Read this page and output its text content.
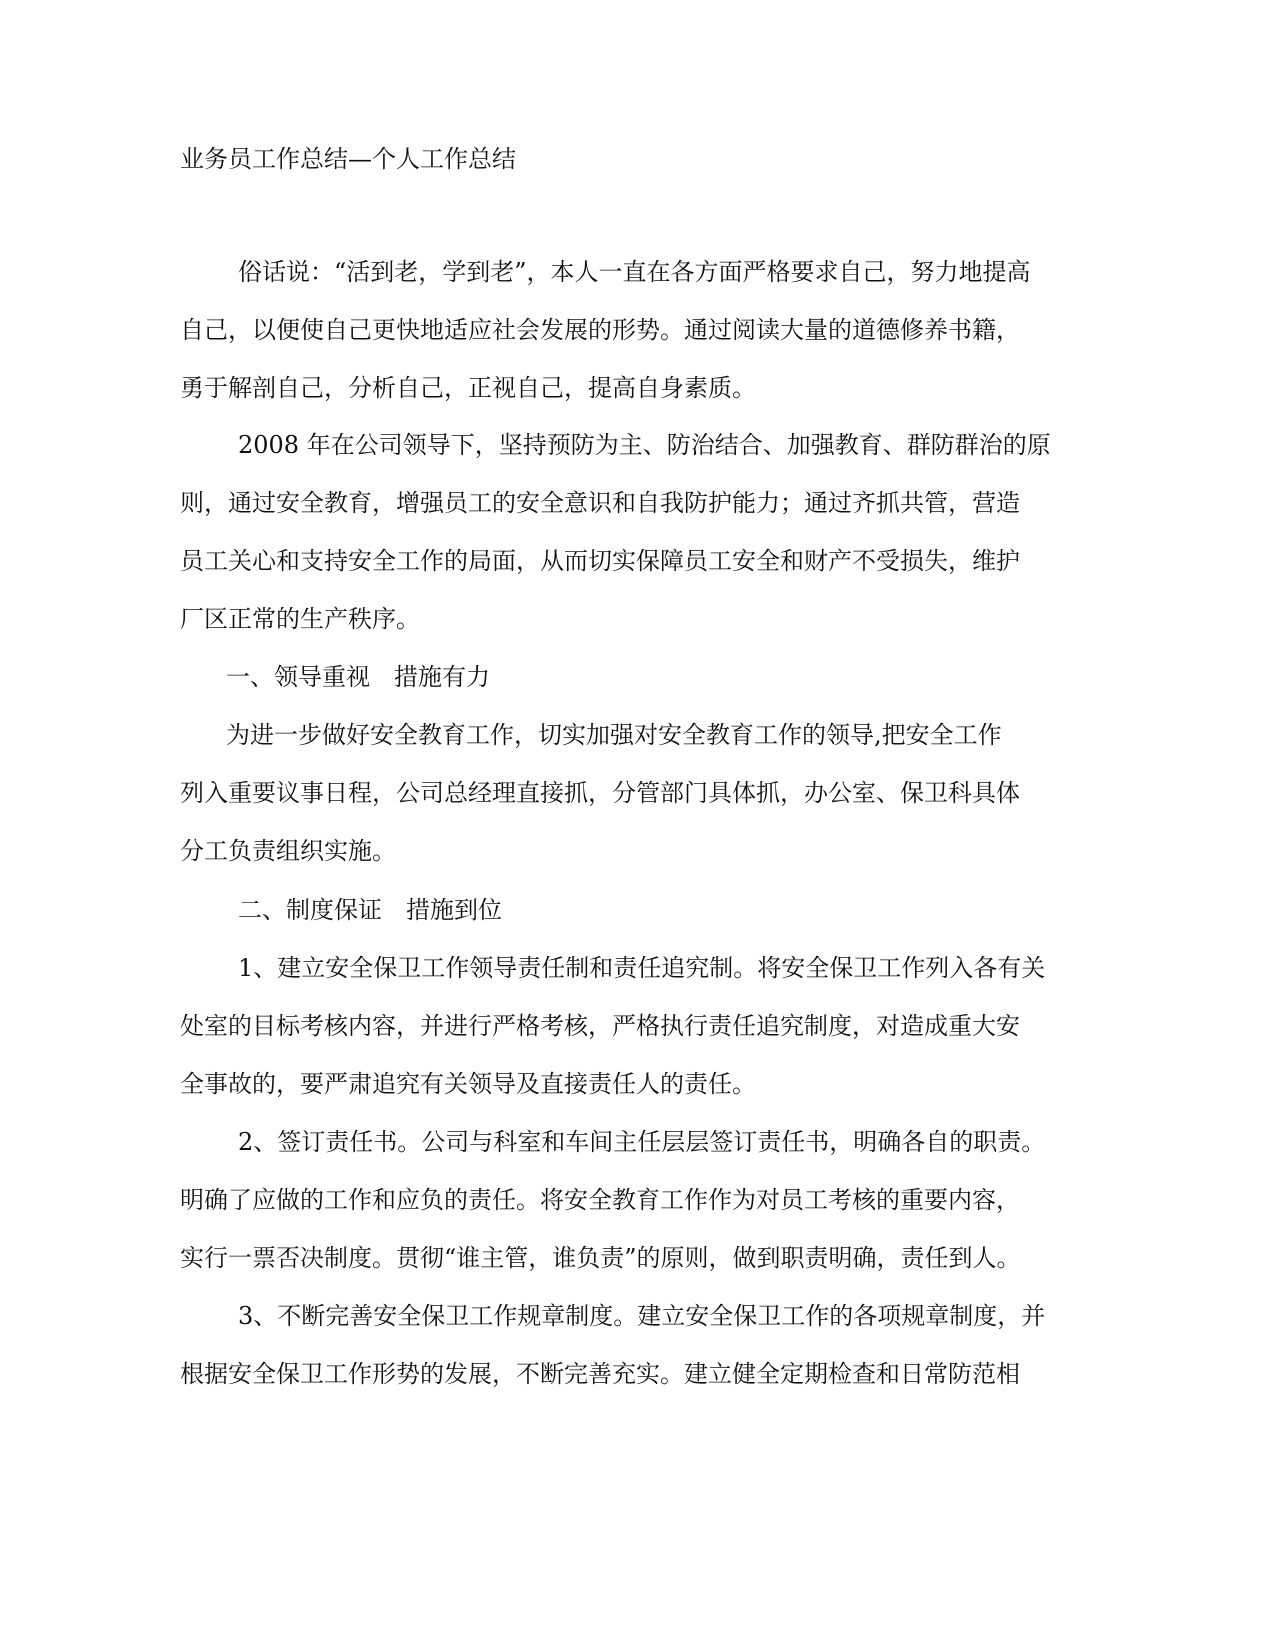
业务员工作总结—个人工作总结
俗话说：“活到老，学到老”，本人一直在各方面严格要求自己，努力地提高
自己，以便使自己更快地适应社会发展的形势。通过阅读大量的道德修养书籍，
勇于解剖自己，分析自己，正视自己，提高自身素质。
2008 年在公司领导下，坚持预防为主、防治结合、加强教育、群防群治的原
则，通过安全教育，增强员工的安全意识和自我防护能力；通过齐抓共管，营造
员工关心和支持安全工作的局面，从而切实保障员工安全和财产不受损失，维护
厂区正常的生产秩序。
一、领导重视　措施有力
为进一步做好安全教育工作，切实加强对安全教育工作的领导,把安全工作
列入重要议事日程，公司总经理直接抓，分管部门具体抓，办公室、保卫科具体
分工负责组织实施。
二、制度保证　措施到位
1、建立安全保卫工作领导责任制和责任追究制。将安全保卫工作列入各有关
处室的目标考核内容，并进行严格考核，严格执行责任追究制度，对造成重大安
全事故的，要严肃追究有关领导及直接责任人的责任。
2、签订责任书。公司与科室和车间主任层层签订责任书，明确各自的职责。
明确了应做的工作和应负的责任。将安全教育工作作为对员工考核的重要内容，
实行一票否决制度。贯彻“谁主管，谁负责”的原则，做到职责明确，责任到人。
3、不断完善安全保卫工作规章制度。建立安全保卫工作的各项规章制度，并
根据安全保卫工作形势的发展，不断完善充实。建立健全定期检查和日常防范相
